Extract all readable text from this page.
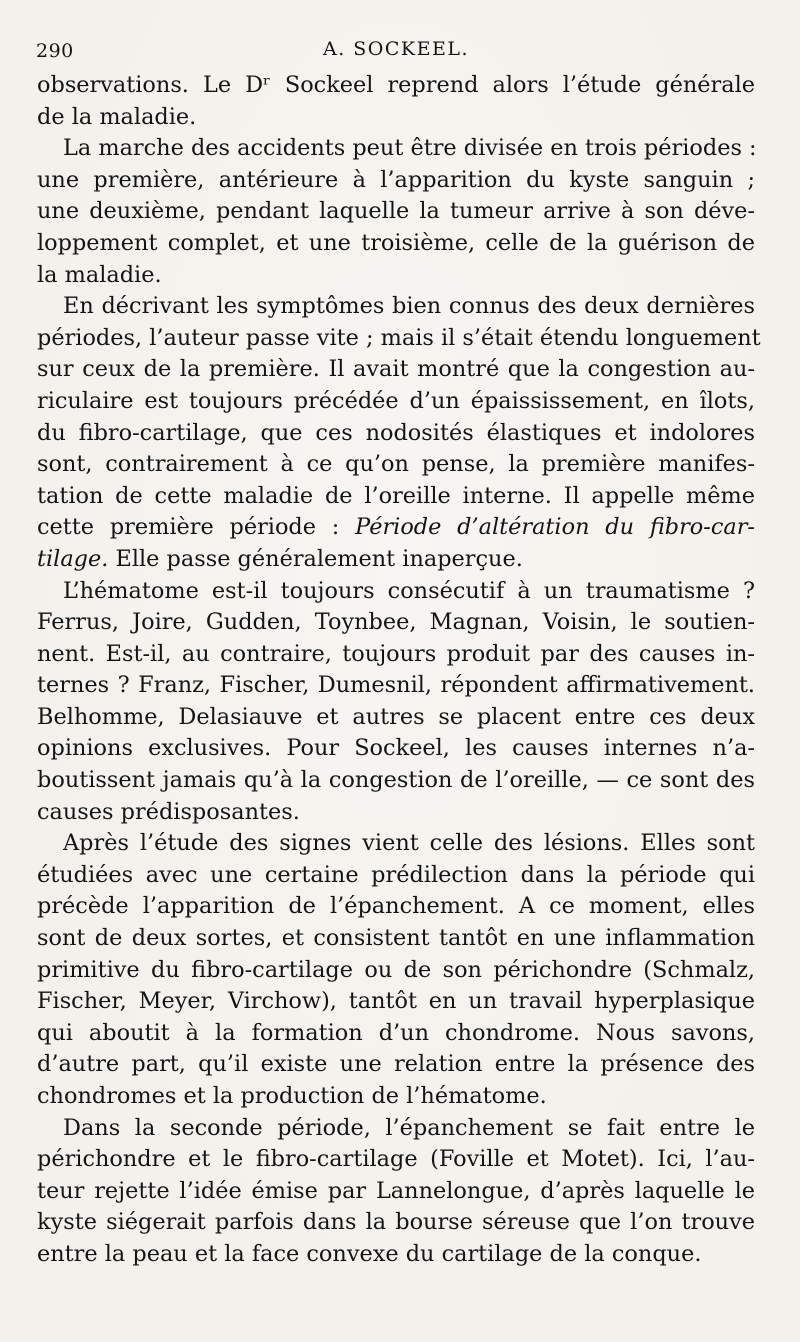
290	A. SOCKEEL.
observations. Le Dʳ Sockeel reprend alors l’étude générale
de la maladie.
La marche des accidents peut être divisée en trois périodes :
une première, antérieure à l’apparition du kyste sanguin ;
une deuxième, pendant laquelle la tumeur arrive à son déve-
loppement complet, et une troisième, celle de la guérison de
la maladie.
En décrivant les symptômes bien connus des deux dernières
périodes, l’auteur passe vite ; mais il s’était étendu longuement
sur ceux de la première. Il avait montré que la congestion au-
riculaire est toujours précédée d’un épaississement, en îlots,
du fibro-cartilage, que ces nodosités élastiques et indolores
sont, contrairement à ce qu’on pense, la première manifes-
tation de cette maladie de l’oreille interne. Il appelle même
cette première période : Période d’altération du fibro-car-
tilage. Elle passe généralement inaperçue.
L’hématome est-il toujours consécutif à un traumatisme ?
Ferrus, Joire, Gudden, Toynbee, Magnan, Voisin, le soutien-
nent. Est-il, au contraire, toujours produit par des causes in-
ternes ? Franz, Fischer, Dumesnil, répondent affirmativement.
Belhomme, Delasiauve et autres se placent entre ces deux
opinions exclusives. Pour Sockeel, les causes internes n’a-
boutissent jamais qu’à la congestion de l’oreille, — ce sont des
causes prédisposantes.
Après l’étude des signes vient celle des lésions. Elles sont
étudiées avec une certaine prédilection dans la période qui
précède l’apparition de l’épanchement. A ce moment, elles
sont de deux sortes, et consistent tantôt en une inflammation
primitive du fibro-cartilage ou de son périchondre (Schmalz,
Fischer, Meyer, Virchow), tantôt en un travail hyperplasique
qui aboutit à la formation d’un chondrome. Nous savons,
d’autre part, qu’il existe une relation entre la présence des
chondromes et la production de l’hématome.
Dans la seconde période, l’épanchement se fait entre le
périchondre et le fibro-cartilage (Foville et Motet). Ici, l’au-
teur rejette l’idée émise par Lannelongue, d’après laquelle le
kyste siégerait parfois dans la bourse séreuse que l’on trouve
entre la peau et la face convexe du cartilage de la conque.
